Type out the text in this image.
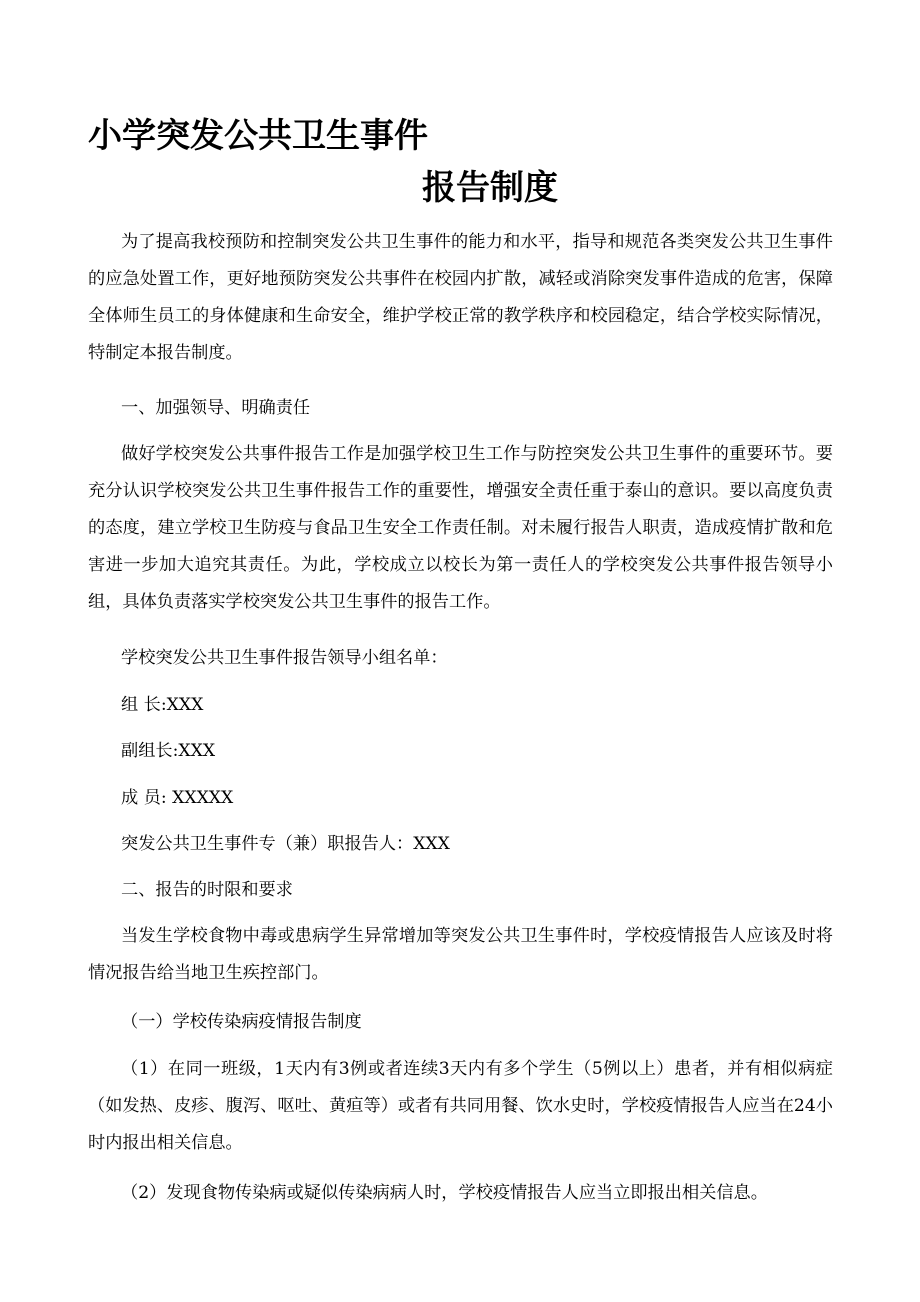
小学突发公共卫生事件
报告制度

为了提高我校预防和控制突发公共卫生事件的能力和水平，指导和规范各类突发公共卫生事件的应急处置工作，更好地预防突发公共事件在校园内扩散，减轻或消除突发事件造成的危害，保障全体师生员工的身体健康和生命安全，维护学校正常的教学秩序和校园稳定，结合学校实际情况，特制定本报告制度。

一、加强领导、明确责任

做好学校突发公共事件报告工作是加强学校卫生工作与防控突发公共卫生事件的重要环节。要充分认识学校突发公共卫生事件报告工作的重要性，增强安全责任重于泰山的意识。要以高度负责的态度，建立学校卫生防疫与食品卫生安全工作责任制。对未履行报告人职责，造成疫情扩散和危害进一步加大追究其责任。为此，学校成立以校长为第一责任人的学校突发公共事件报告领导小组，具体负责落实学校突发公共卫生事件的报告工作。

学校突发公共卫生事件报告领导小组名单：

组 长:XXX

副组长:XXX

成 员: XXXXX

突发公共卫生事件专（兼）职报告人：XXX

二、报告的时限和要求

当发生学校食物中毒或患病学生异常增加等突发公共卫生事件时，学校疫情报告人应该及时将情况报告给当地卫生疾控部门。

（一）学校传染病疫情报告制度

（1）在同一班级，1天内有3例或者连续3天内有多个学生（5例以上）患者，并有相似病症（如发热、皮疹、腹泻、呕吐、黄疸等）或者有共同用餐、饮水史时，学校疫情报告人应当在24小时内报出相关信息。

（2）发现食物传染病或疑似传染病病人时，学校疫情报告人应当立即报出相关信息。
